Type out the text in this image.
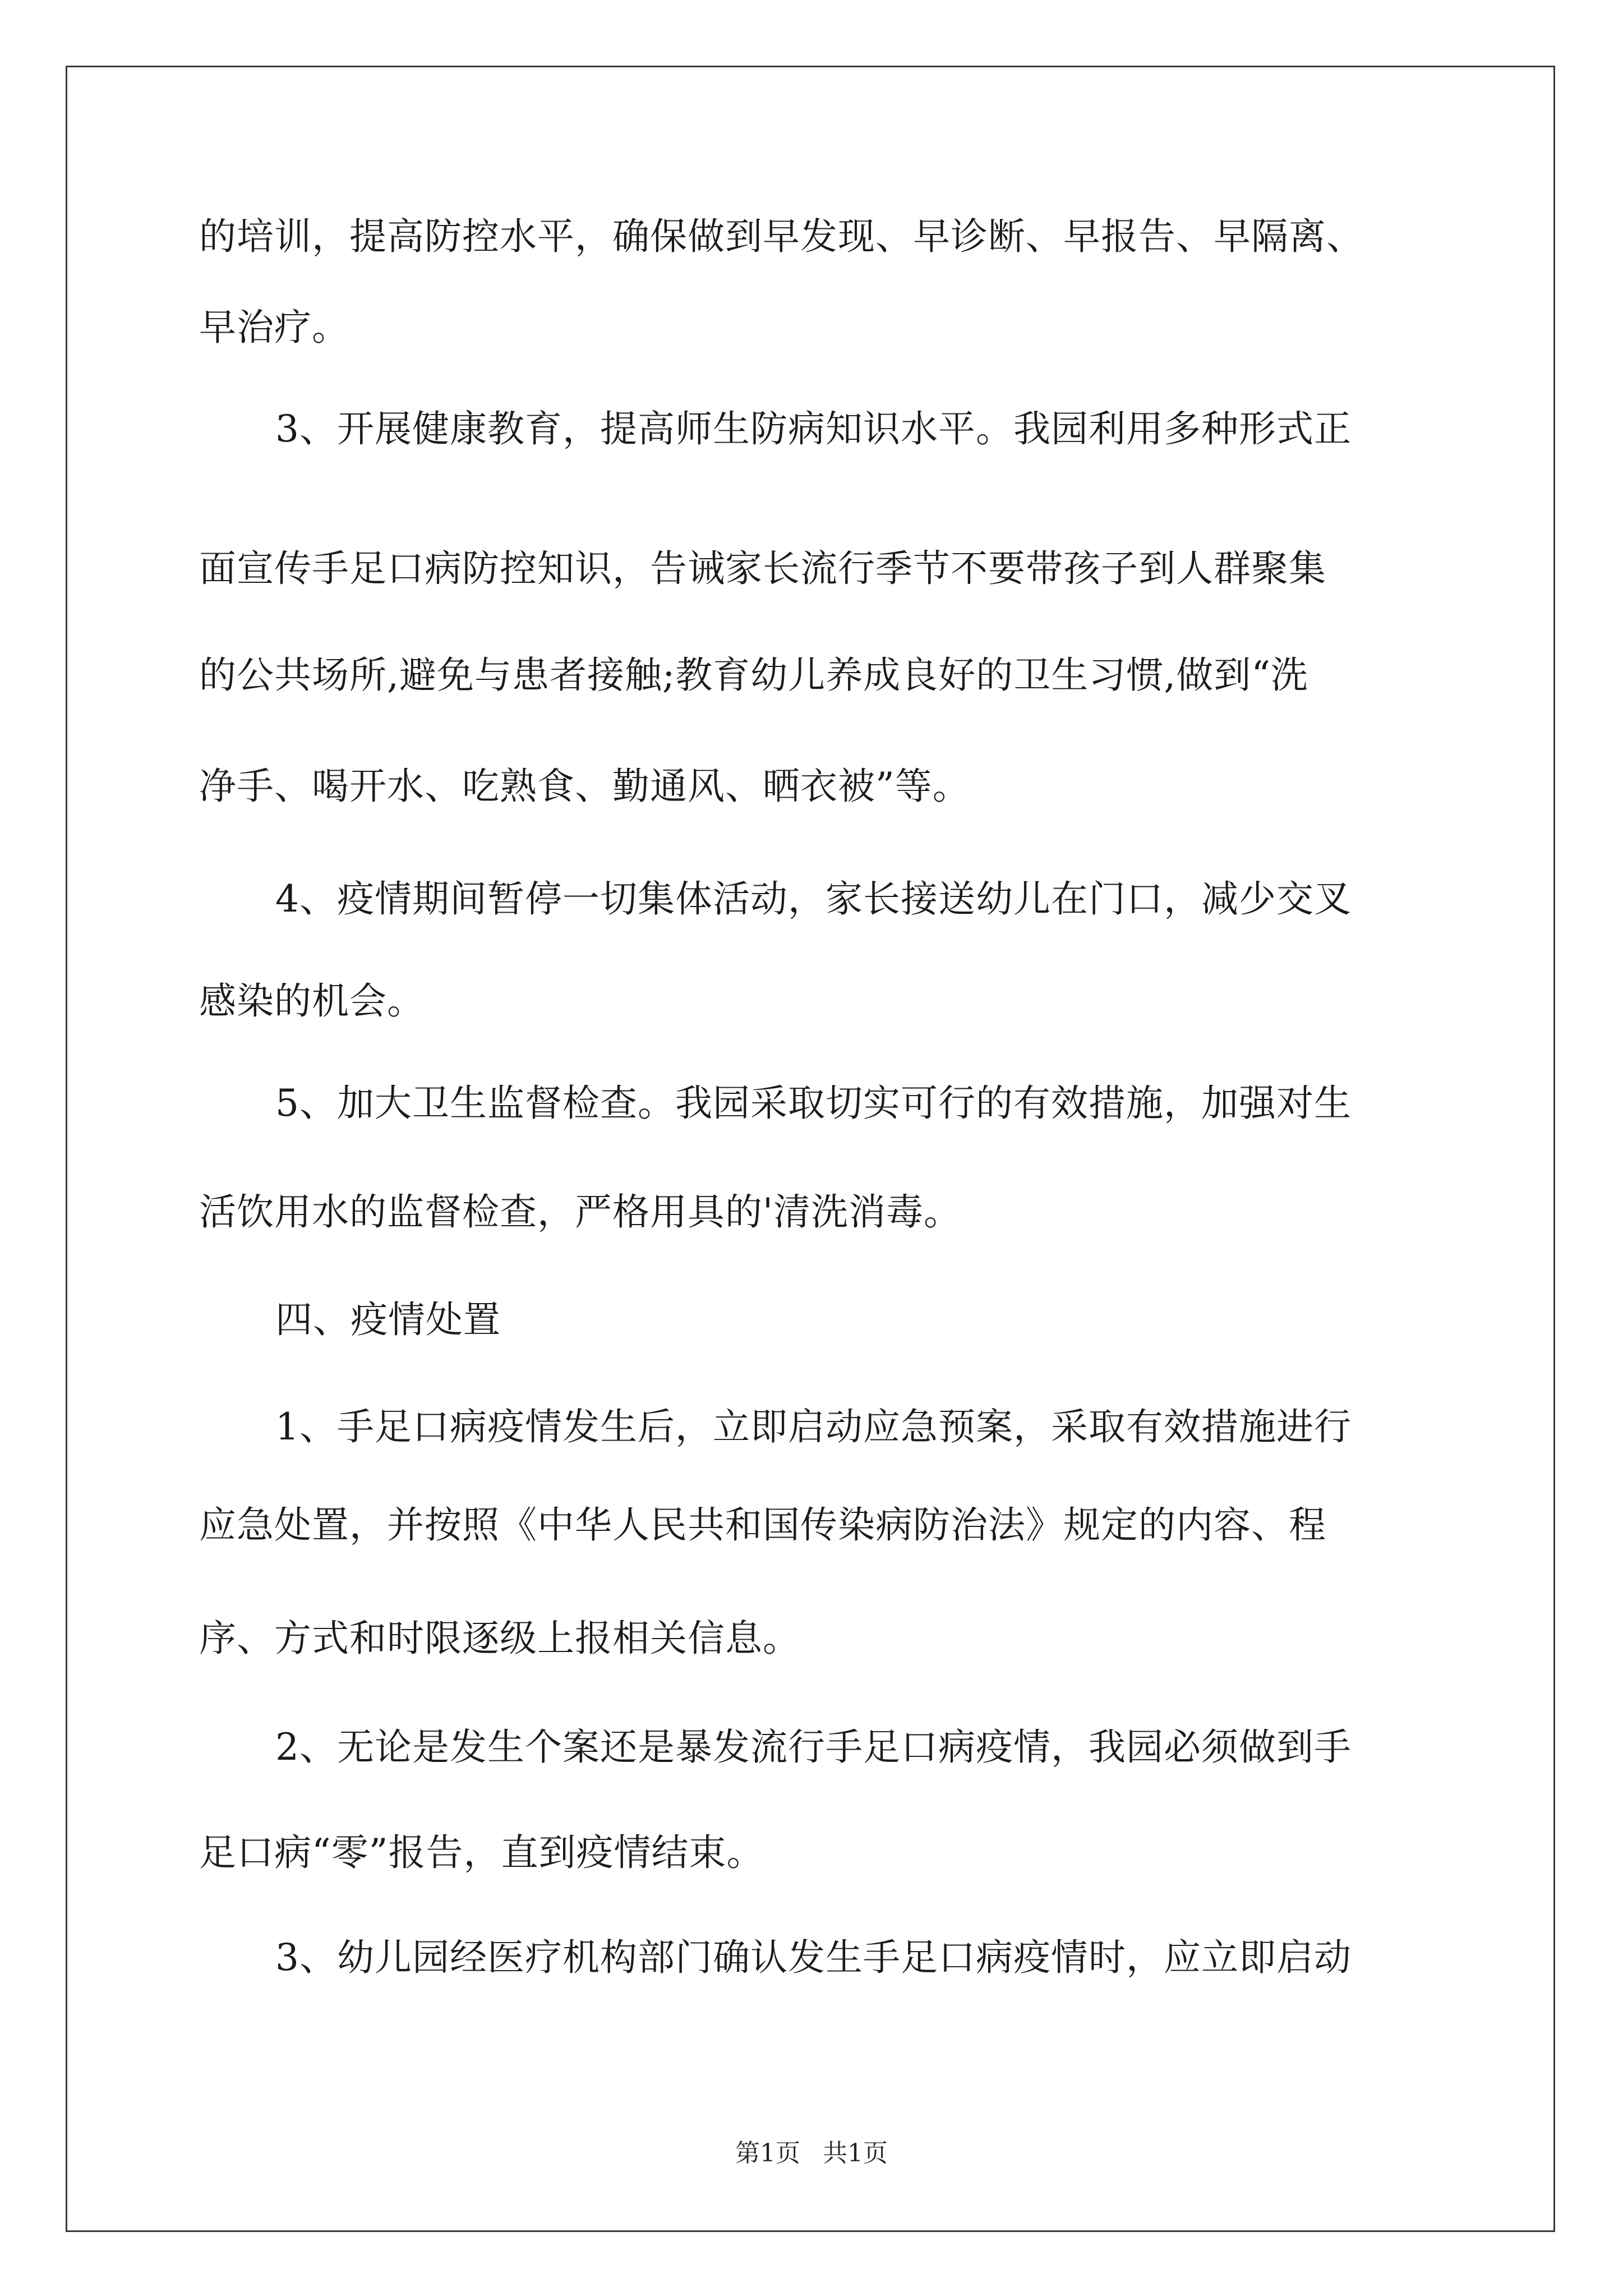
的培训，提高防控水平，确保做到早发现、早诊断、早报告、早隔离、
早治疗。
3、开展健康教育，提高师生防病知识水平。我园利用多种形式正
面宣传手足口病防控知识，告诫家长流行季节不要带孩子到人群聚集
的公共场所,避免与患者接触;教育幼儿养成良好的卫生习惯,做到“洗
净手、喝开水、吃熟食、勤通风、晒衣被”等。
4、疫情期间暂停一切集体活动，家长接送幼儿在门口，减少交叉
感染的机会。
5、加大卫生监督检查。我园采取切实可行的有效措施，加强对生
活饮用水的监督检查，严格用具的'清洗消毒。
四、疫情处置
1、手足口病疫情发生后，立即启动应急预案，采取有效措施进行
应急处置，并按照《中华人民共和国传染病防治法》规定的内容、程
序、方式和时限逐级上报相关信息。
2、无论是发生个案还是暴发流行手足口病疫情，我园必须做到手
足口病“零”报告，直到疫情结束。
3、幼儿园经医疗机构部门确认发生手足口病疫情时，应立即启动
第1页 共1页
